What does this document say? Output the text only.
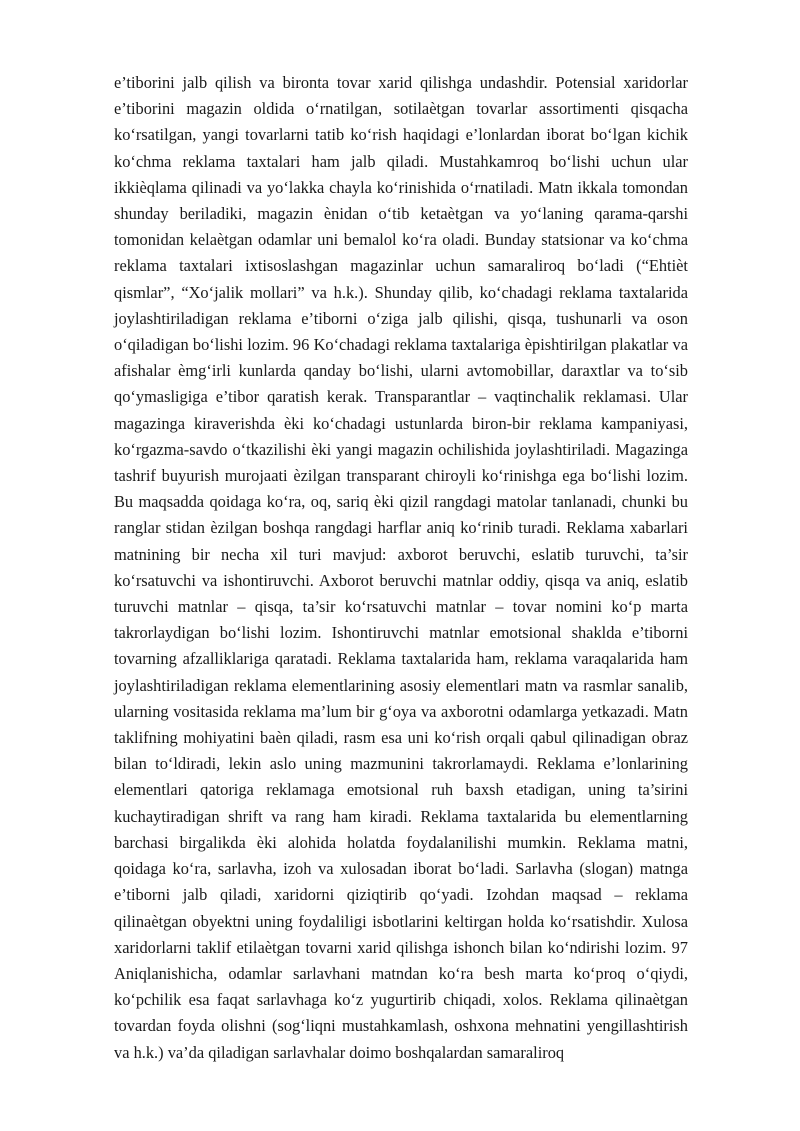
e’tiborini jalb qilish va bironta tovar xarid qilishga undashdir. Potensial xaridorlar e’tiborini magazin oldida o‘rnatilgan, sotilaètgan tovarlar assortimenti qisqacha ko‘rsatilgan, yangi tovarlarni tatib ko‘rish haqidagi e’lonlardan iborat bo‘lgan kichik ko‘chma reklama taxtalari ham jalb qiladi. Mustahkamroq bo‘lishi uchun ular ikkièqlama qilinadi va yo‘lakka chayla ko‘rinishida o‘rnatiladi. Matn ikkala tomondan shunday beriladiki, magazin ènidan o‘tib ketaètgan va yo‘laning qarama-qarshi tomonidan kelaètgan odamlar uni bemalol ko‘ra oladi. Bunday statsionar va ko‘chma reklama taxtalari ixtisoslashgan magazinlar uchun samaraliroq bo‘ladi (“Ehtièt qismlar”, “Xo‘jalik mollari” va h.k.). Shunday qilib, ko‘chadagi reklama taxtalarida joylashtiriladigan reklama e’tiborni o‘ziga jalb qilishi, qisqa, tushunarli va oson o‘qiladigan bo‘lishi lozim. 96 Ko‘chadagi reklama taxtalariga èpishtirilgan plakatlar va afishalar èmg‘irli kunlarda qanday bo‘lishi, ularni avtomobillar, daraxtlar va to‘sib qo‘ymasligiga e’tibor qaratish kerak. Transparantlar – vaqtinchalik reklamasi. Ular magazinga kiraverishda èki ko‘chadagi ustunlarda biron-bir reklama kampaniyasi, ko‘rgazma-savdo o‘tkazilishi èki yangi magazin ochilishida joylashtiriladi. Magazinga tashrif buyurish murojaati èzilgan transparant chiroyli ko‘rinishga ega bo‘lishi lozim. Bu maqsadda qoidaga ko‘ra, oq, sariq èki qizil rangdagi matolar tanlanadi, chunki bu ranglar stidan èzilgan boshqa rangdagi harflar aniq ko‘rinib turadi. Reklama xabarlari matnining bir necha xil turi mavjud: axborot beruvchi, eslatib turuvchi, ta’sir ko‘rsatuvchi va ishontiruvchi. Axborot beruvchi matnlar oddiy, qisqa va aniq, eslatib turuvchi matnlar – qisqa, ta’sir ko‘rsatuvchi matnlar – tovar nomini ko‘p marta takrorlaydigan bo‘lishi lozim. Ishontiruvchi matnlar emotsional shaklda e’tiborni tovarning afzalliklariga qaratadi. Reklama taxtalarida ham, reklama varaqalarida ham joylashtiriladigan reklama elementlarining asosiy elementlari matn va rasmlar sanalib, ularning vositasida reklama ma’lum bir g‘oya va axborotni odamlarga yetkazadi. Matn taklifning mohiyatini baèn qiladi, rasm esa uni ko‘rish orqali qabul qilinadigan obraz bilan to‘ldiradi, lekin aslo uning mazmunini takrorlamaydi. Reklama e’lonlarining elementlari qatoriga reklamaga emotsional ruh baxsh etadigan, uning ta’sirini kuchaytiradigan shrift va rang ham kiradi. Reklama taxtalarida bu elementlarning barchasi birgalikda èki alohida holatda foydalanilishi mumkin. Reklama matni, qoidaga ko‘ra, sarlavha, izoh va xulosadan iborat bo‘ladi. Sarlavha (slogan) matnga e’tiborni jalb qiladi, xaridorni qiziqtirib qo‘yadi. Izohdan maqsad – reklama qilinaètgan obyektni uning foydaliligi isbotlarini keltirgan holda ko‘rsatishdir. Xulosa xaridorlarni taklif etilaètgan tovarni xarid qilishga ishonch bilan ko‘ndirishi lozim. 97 Aniqlanishicha, odamlar sarlavhani matndan ko‘ra besh marta ko‘proq o‘qiydi, ko‘pchilik esa faqat sarlavhaga ko‘z yugurtirib chiqadi, xolos. Reklama qilinaètgan tovardan foyda olishni (sog‘liqni mustahkamlash, oshxona mehnatini yengillashtirish va h.k.) va’da qiladigan sarlavhalar doimo boshqalardan samaraliroq
